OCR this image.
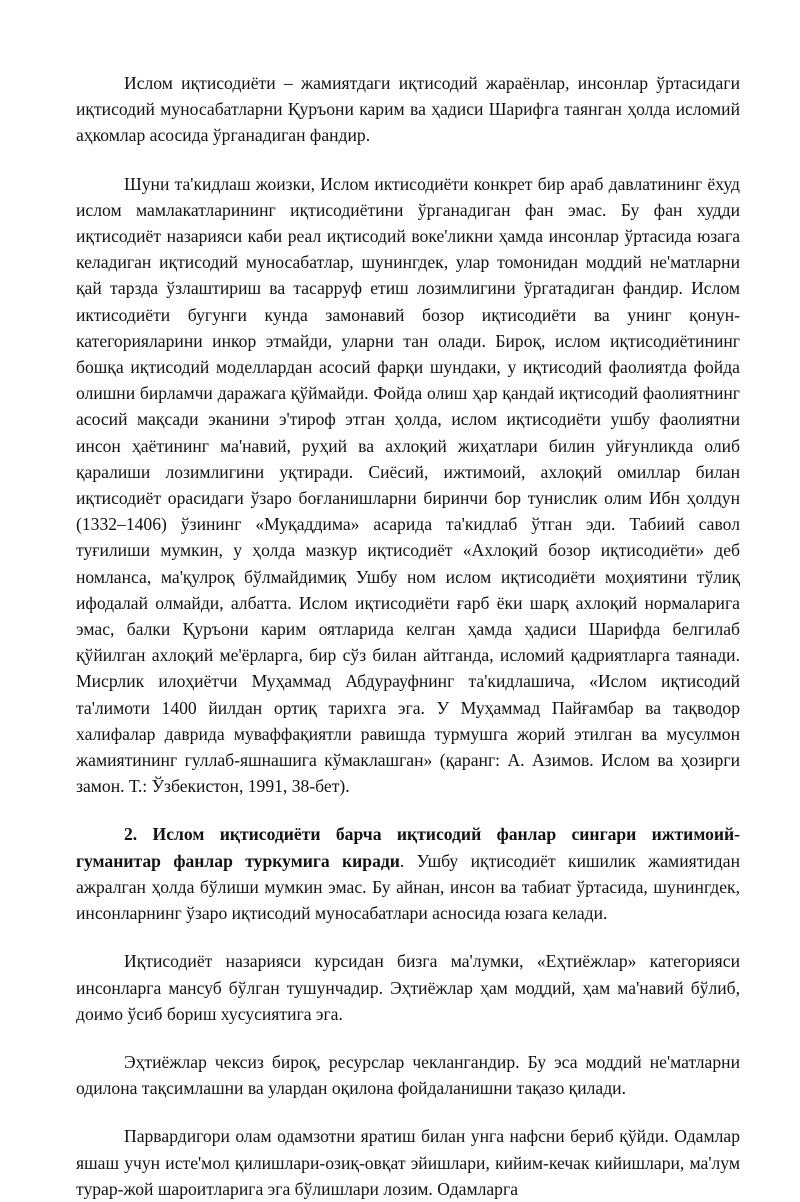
Ислом иқтисодиёти – жамиятдаги иқтисодий жараёнлар, инсонлар ўртасидаги иқтисодий муносабатларни Қуръони карим ва ҳадиси Шарифга таянган ҳолда исломий аҳкомлар асосида ўрганадиган фандир.

Шуни та'кидлаш жоизки, Ислом иктисодиёти конкрет бир араб давлатининг ёхуд ислом мамлакатларининг иқтисодиётини ўрганадиган фан эмас. Бу фан худди иқтисодиёт назарияси каби реал иқтисодий воке'ликни ҳамда инсонлар ўртасида юзага келадиган иқтисодий муносабатлар, шунингдек, улар томонидан моддий не'матларни қай тарзда ўзлаштириш ва тасарруф етиш лозимлигини ўргатадиган фандир. Ислом иктисодиёти бугунги кунда замонавий бозор иқтисодиёти ва унинг қонун-категорияларини инкор этмайди, уларни тан олади. Бироқ, ислом иқтисодиётининг бошқа иқтисодий моделлардан асосий фарқи шундаки, у иқтисодий фаолиятда фойда олишни бирламчи даражага қўймайди. Фойда олиш ҳар қандай иқтисодий фаолиятнинг асосий мақсади эканини э'тироф этган ҳолда, ислом иқтисодиёти ушбу фаолиятни инсон ҳаётининг ма'навий, руҳий ва ахлоқий жиҳатлари билин уйғунликда олиб қаралиши лозимлигини уқтиради. Сиёсий, ижтимоий, ахлоқий омиллар билан иқтисодиёт орасидаги ўзаро боғланишларни биринчи бор тунислик олим Ибн ҳолдун (1332–1406) ўзининг «Муқаддима» асарида та'кидлаб ўтган эди. Табиий савол туғилиши мумкин, у ҳолда мазкур иқтисодиёт «Ахлоқий бозор иқтисодиёти» деб номланса, ма'қулроқ бўлмайдимиқ Ушбу ном ислом иқтисодиёти моҳиятини тўлиқ ифодалай олмайди, албатта. Ислом иқтисодиёти ғарб ёки шарқ ахлоқий нормаларига эмас, балки Қуръони карим оятларида келган ҳамда ҳадиси Шарифда белгилаб қўйилган ахлоқий ме'ёрларга, бир сўз билан айтганда, исломий қадриятларга таянади. Мисрлик илоҳиётчи Муҳаммад Абдурауфнинг та'кидлашича, «Ислом иқтисодий та'лимоти 1400 йилдан ортиқ тарихга эга. У Муҳаммад Пайғамбар ва тақводор халифалар даврида муваффақиятли равишда турмушга жорий этилган ва мусулмон жамиятининг гуллаб-яшнашига кўмаклашган» (қаранг: А. Азимов. Ислом ва ҳозирги замон. Т.: Ўзбекистон, 1991, 38-бет).

2. Ислом иқтисодиёти барча иқтисодий фанлар сингари ижтимоий-гуманитар фанлар туркумига киради. Ушбу иқтисодиёт кишилик жамиятидан ажралган ҳолда бўлиши мумкин эмас. Бу айнан, инсон ва табиат ўртасида, шунингдек, инсонларнинг ўзаро иқтисодий муносабатлари асносида юзага келади.

Иқтисодиёт назарияси курсидан бизга ма'лумки, «Еҳтиёжлар» категорияси инсонларга мансуб бўлган тушунчадир. Эҳтиёжлар ҳам моддий, ҳам ма'навий бўлиб, доимо ўсиб бориш хусусиятига эга.

Эҳтиёжлар чексиз бироқ, ресурслар чеклангандир. Бу эса моддий не'матларни одилона тақсимлашни ва улардан оқилона фойдаланишни тақазо қилади.

Парвардигори олам одамзотни яратиш билан унга нафсни бериб қўйди. Одамлар яшаш учун исте'мол қилишлари-озиқ-овқат эйишлари, кийим-кечак кийишлари, ма'лум турар-жой шароитларига эга бўлишлари лозим. Одамларга
